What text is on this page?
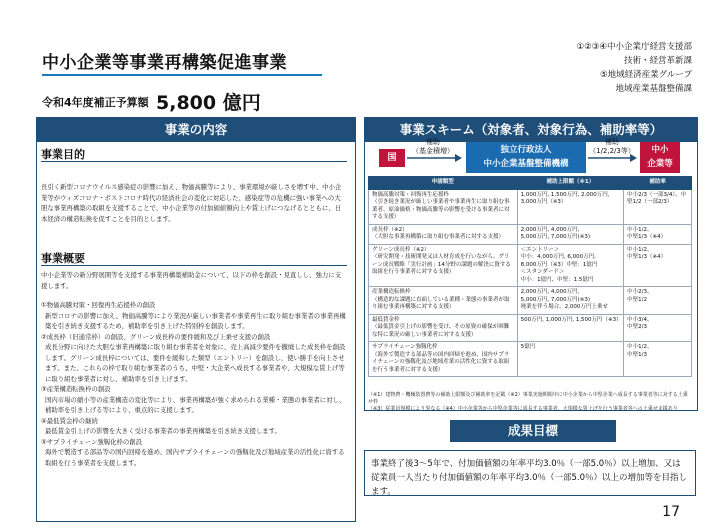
中小企業等事業再構築促進事業
①②③④中小企業庁経営支援部
技術・経営革新課
⑤地域経済産業グループ
地域産業基盤整備課
令和4年度補正予算額 5,800 億円
事業の内容
事業目的
長引く新型コロナウイルス感染症の影響に加え、物価高騰等により、事業環境が厳しさを増す中、中小企業等がウィズコロナ・ポストコロナ時代の経済社会の変化に対応した、感染症等の危機に強い事業への大胆な事業再構築の取組を支援することで、中小企業等の付加価値額向上や賃上げにつなげるとともに、日本経済の構造転換を促すことを目的とします。
事業概要
中小企業等の新分野展開等を支援する事業再構築補助金について、以下の枠を創設・見直しし、強力に支援します。
①物価高騰対策・回復再生応援枠の創設
新型コロナの影響に加え、物価高騰等により業況が厳しい事業者や事業再生に取り組む事業者の事業再構築を引き続き支援するため、補助率を引き上げた特別枠を創設します。
②成長枠（旧通常枠）の創設、グリーン成長枠の要件緩和及び上乗せ支援の創設
成長分野に向けた大胆な事業再構築に取り組む事業者を対象に、売上高減少要件を撤廃した成長枠を創設します。グリーン成長枠については、要件を緩和した類型（エントリー）を創設し、使い勝手を向上させます。また、これらの枠で取り組む事業者のうち、中堅・大企業へ成長する事業者や、大規模な賃上げ等に取り組む事業者に対し、補助率を引き上げます。
③産業構造転換枠の創設
国内市場の縮小等の産業構造の変化等により、事業再構築が強く求められる業種・業態の事業者に対し、補助率を引き上げる等により、重点的に支援します。
④最低賃金枠の継続
最低賃金引上げの影響を大きく受ける事業者の事業再構築を引き続き支援します。
⑤サプライチェーン強靱化枠の創設
海外で製造する部品等の国内回帰を進め、国内サプライチェーンの強靱化及び地域産業の活性化に資する取組を行う事業者を支援します。
事業スキーム（対象者、対象行為、補助率等）
国
補助
（基金積増）	独立行政法人
中小企業基盤整備機構
補助
（1/2,2/3等）	中小
企業等
申請類型	補助上限額（※1）	補助率
物価高騰対策・回復再生応援枠
（引き続き業況が厳しい事業者や事業再生に取り組む事業者、原油価格・物価高騰等の影響を受ける事業者に対する支援）	1,000万円, 1,500万円, 2,000万円, 3,000万円（※3）	中小2/3（一部3/4）、中堅1/2（一部2/3）
成長枠（※2）
（大胆な事業再構築に取り組む事業者に対する支援）	2,000万円, 4,000万円,
5,000万円, 7,000万円(※3)	中小1/2、
中堅1/3（※4）
グリーン成長枠（※2）
（研究開発・技術開発又は人材育成を行いながら、グリーン成長戦略「実行計画」14分野の課題の解決に資する取組を行う事業者に対する支援）	＜エントリー＞
中小：4,000万円, 6,000万円,
8,000万円（※3）中堅：1億円
＜スタンダード＞
中小：1億円、中堅：1.5億円	中小1/2、
中堅1/3（※4）
産業構造転換枠
（構造的な課題に直面している業種・業態の事業者が取り組む事業再構築に対する支援）	2,000万円, 4,000万円,
5,000万円, 7,000万円(※3)
廃業を伴う場合、2,000万円上乗せ	中小2/3、
中堅1/2
最低賃金枠
（最低賃金引上げの影響を受け、その原資の確保が困難な特に業況の厳しい事業者に対する支援）	500万円, 1,000万円, 1,500万円（※3）	中小3/4、
中堅2/3
サプライチェーン強靱化枠
（海外で製造する部品等の国内回帰を進め、国内サプライチェーンの強靱化及び地域産業の活性化に資する取組を行う事業者に対する支援）	5億円	中小1/2、
中堅1/3
（※1）建物費・機械装置費等の補助上限額及び補助率を記載（※2）事業実施期間中に中小企業から中堅企業へ成長する事業者等に対する上乗せ枠
（※3）従業員規模により異なる（※4）中小企業等から中堅企業等に成長する事業者、大規模な賃上げを行う事業者等への上乗せ支援あり
成果目標
事業終了後3～5年で、付加価値額の年率平均3.0％（一部5.0％）以上増加、又は従業員一人当たり付加価値額の年率平均3.0％（一部5.0％）以上の増加等を目指します。
17
